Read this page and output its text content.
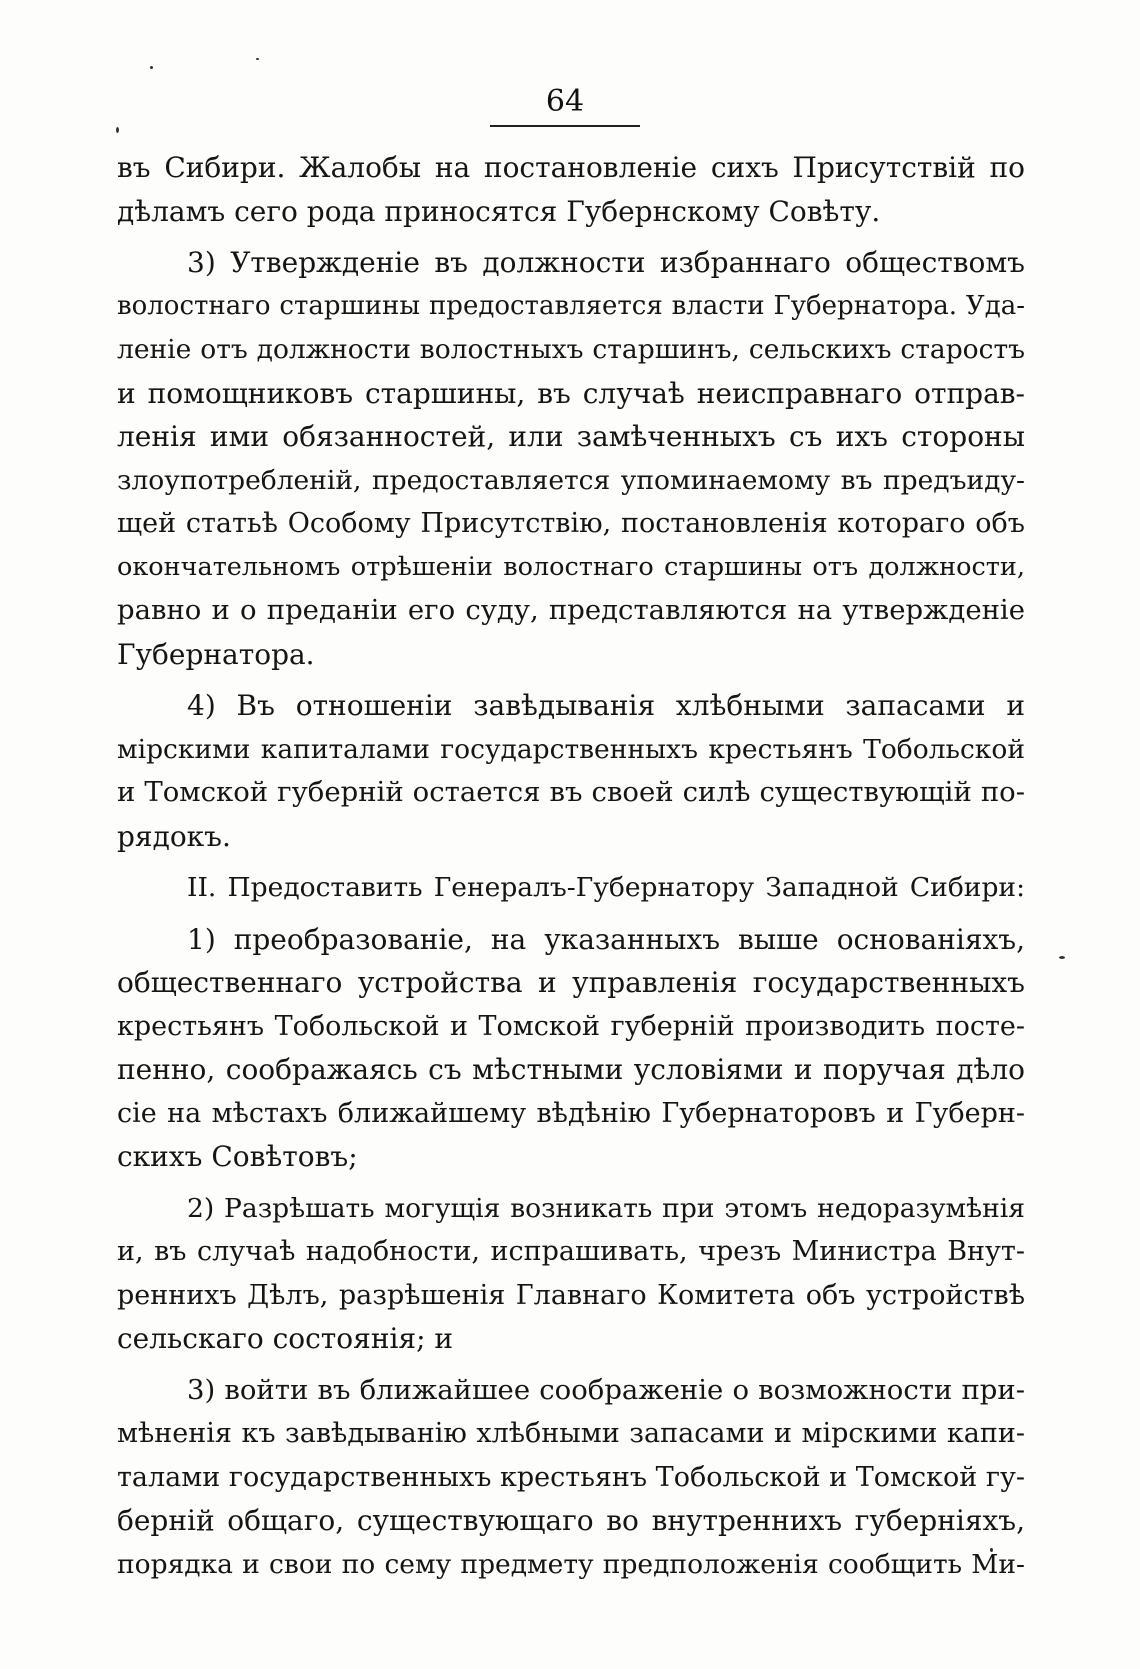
64
въ Сибири. Жалобы на постановленіе сихъ Присутствій по
дѣламъ сего рода приносятся Губернскому Совѣту.
3) Утвержденіе въ должности избраннаго обществомъ
волостнаго старшины предоставляется власти Губернатора. Уда-
леніе отъ должности волостныхъ старшинъ, сельскихъ старостъ
и помощниковъ старшины, въ случаѣ неисправнаго отправ-
ленія ими обязанностей, или замѣченныхъ съ ихъ стороны
злоупотребленій, предоставляется упоминаемому въ предъиду-
щей статьѣ Особому Присутствію, постановленія котораго объ
окончательномъ отрѣшеніи волостнаго старшины отъ должности,
равно и о преданіи его суду, представляются на утвержденіе
Губернатора.
4) Въ отношеніи завѣдыванія хлѣбными запасами и
мірскими капиталами государственныхъ крестьянъ Тобольской
и Томской губерній остается въ своей силѣ существующій по-
рядокъ.
II. Предоставить Генералъ-Губернатору Западной Сибири:
1) преобразованіе, на указанныхъ выше основаніяхъ,
общественнаго устройства и управленія государственныхъ
крестьянъ Тобольской и Томской губерній производить посте-
пенно, соображаясь съ мѣстными условіями и поручая дѣло
сіе на мѣстахъ ближайшему вѣдѣнію Губернаторовъ и Губерн-
скихъ Совѣтовъ;
2) Разрѣшать могущія возникать при этомъ недоразумѣнія
и, въ случаѣ надобности, испрашивать, чрезъ Министра Внут-
реннихъ Дѣлъ, разрѣшенія Главнаго Комитета объ устройствѣ
сельскаго состоянія; и
3) войти въ ближайшее соображеніе о возможности при-
мѣненія къ завѣдыванію хлѣбными запасами и мірскими капи-
талами государственныхъ крестьянъ Тобольской и Томской гу-
берній общаго, существующаго во внутреннихъ губерніяхъ,
порядка и свои по сему предмету предположенія сообщить Ми-
